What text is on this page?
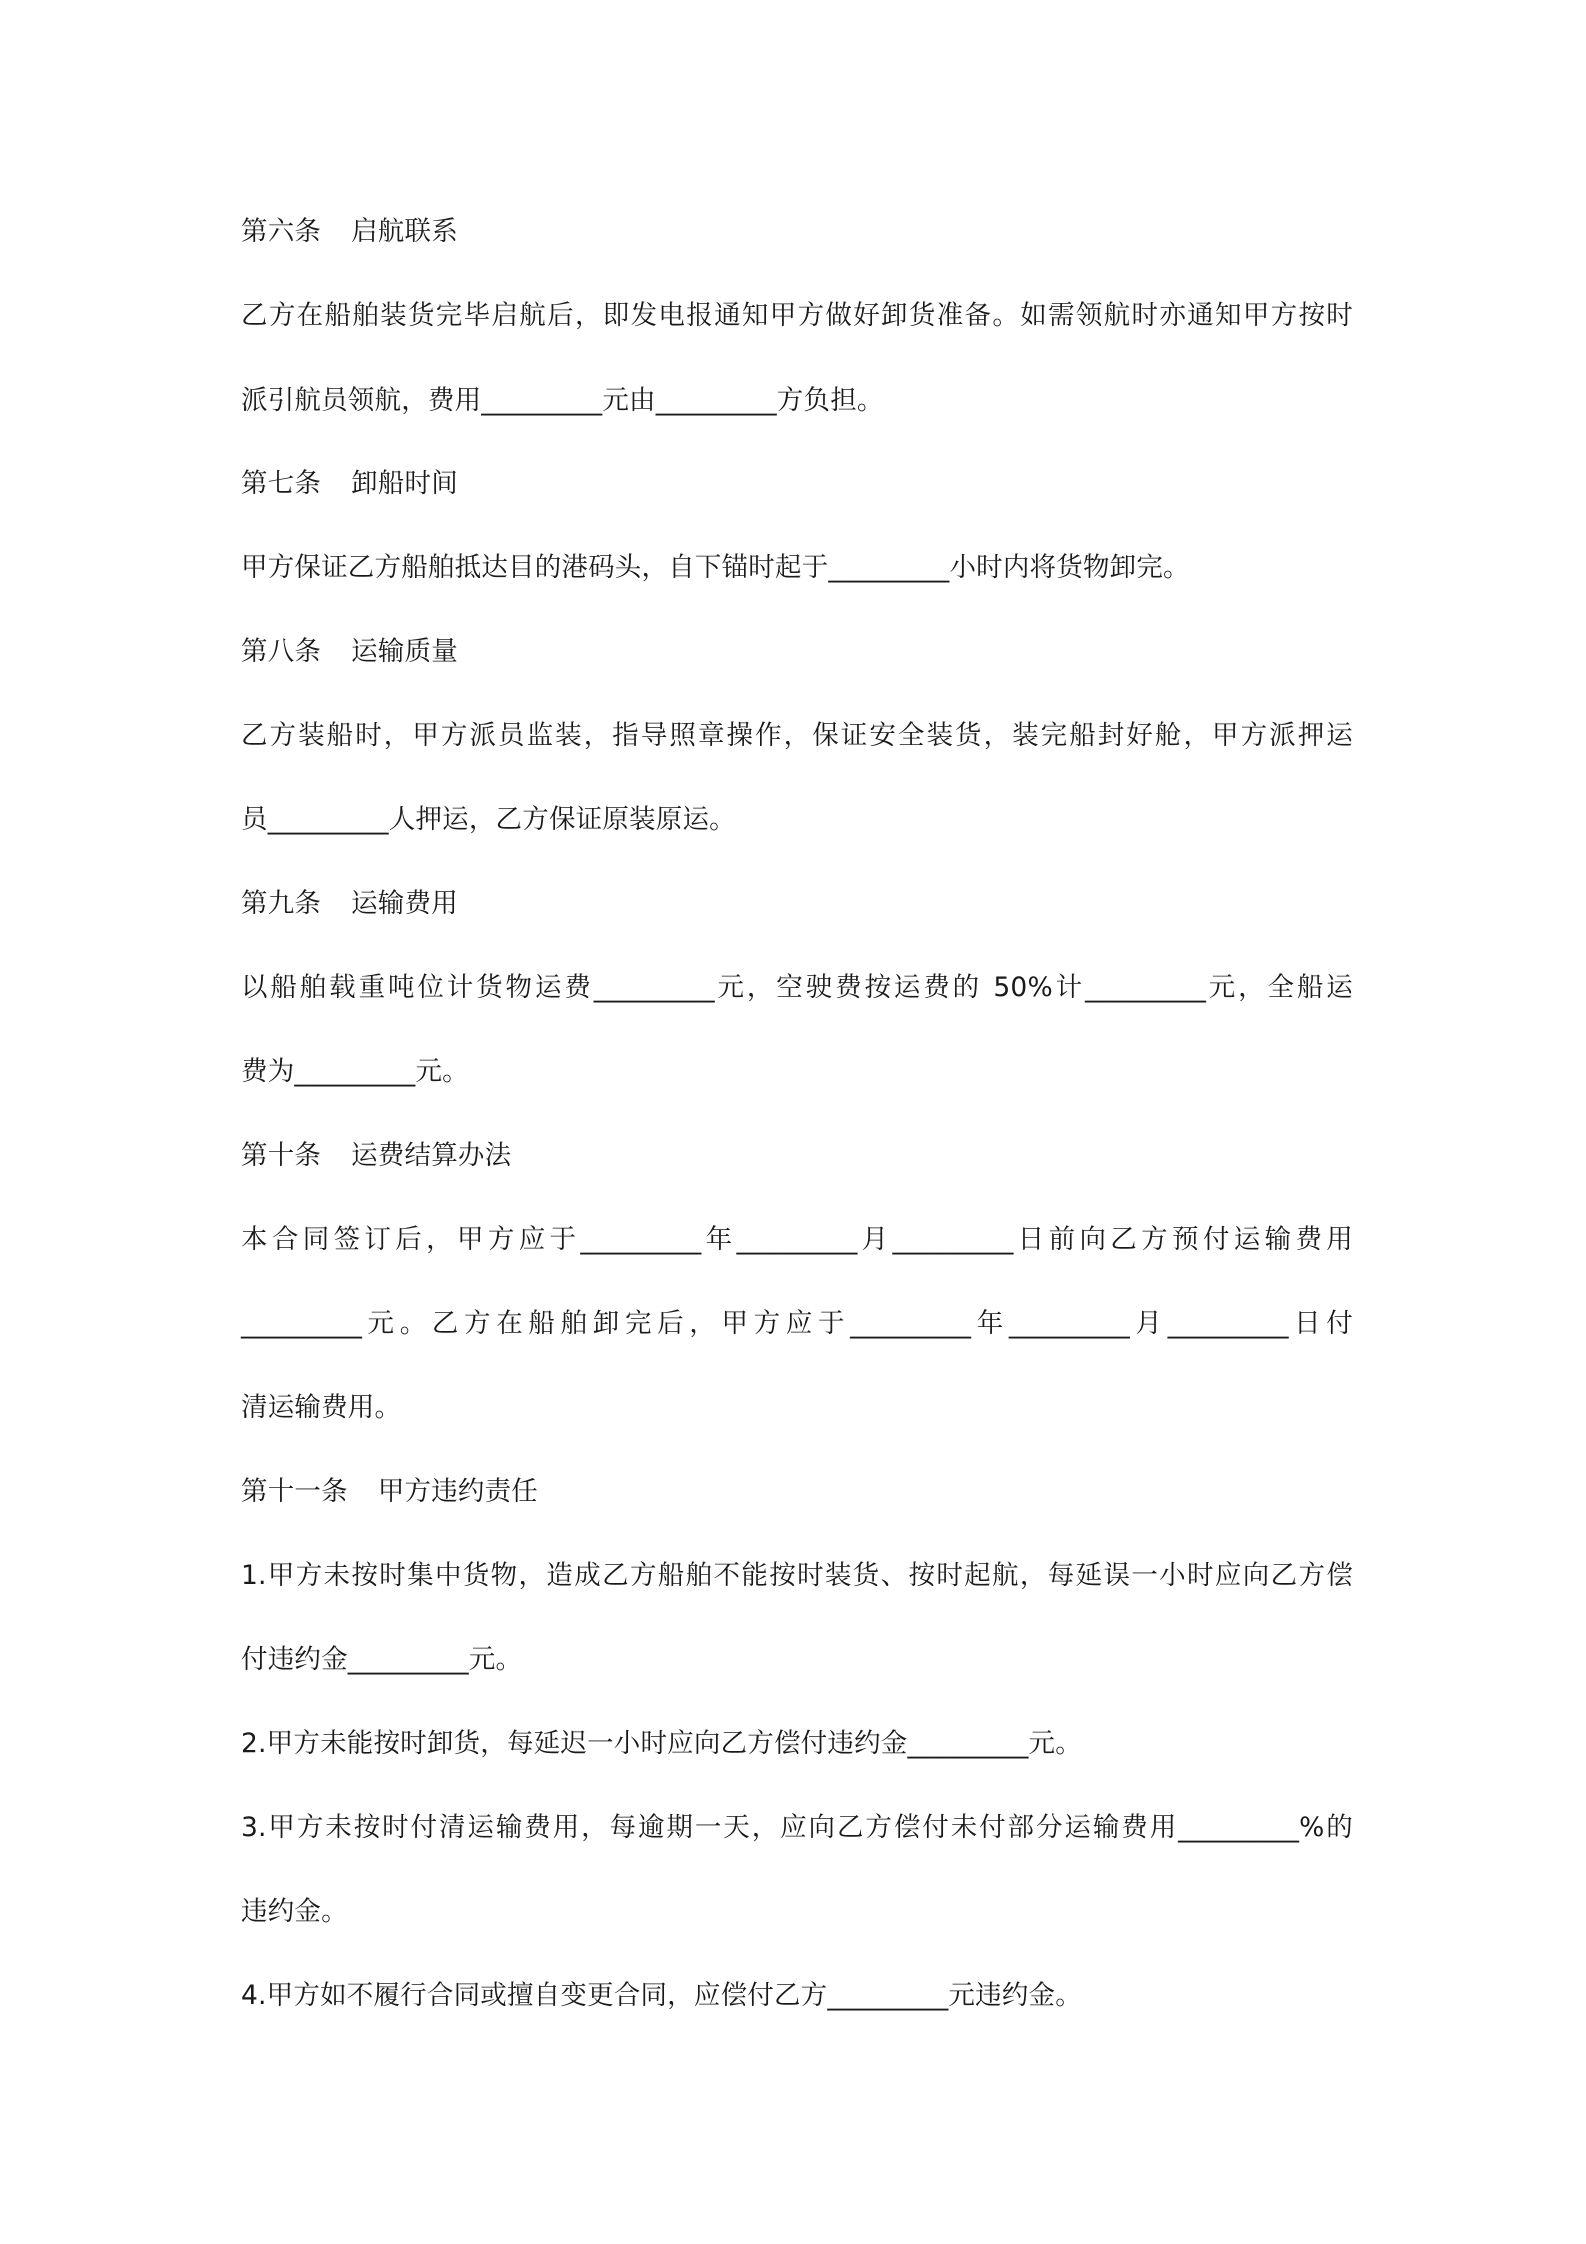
第六条 启航联系
乙方在船舶装货完毕启航后，即发电报通知甲方做好卸货准备。如需领航时亦通知甲方按时
派引航员领航，费用_________元由_________方负担。
第七条 卸船时间
甲方保证乙方船舶抵达目的港码头，自下锚时起于_________小时内将货物卸完。
第八条 运输质量
乙方装船时，甲方派员监装，指导照章操作，保证安全装货，装完船封好舱，甲方派押运
员_________人押运，乙方保证原装原运。
第九条 运输费用
以船舶载重吨位计货物运费_________元，空驶费按运费的 50%计_________元，全船运
费为_________元。
第十条 运费结算办法
本合同签订后，甲方应于_________年_________月_________日前向乙方预付运输费用
_________元。乙方在船舶卸完后，甲方应于_________年_________月_________日付
清运输费用。
第十一条 甲方违约责任
1.甲方未按时集中货物，造成乙方船舶不能按时装货、按时起航，每延误一小时应向乙方偿
付违约金_________元。
2.甲方未能按时卸货，每延迟一小时应向乙方偿付违约金_________元。
3.甲方未按时付清运输费用，每逾期一天，应向乙方偿付未付部分运输费用_________%的
违约金。
4.甲方如不履行合同或擅自变更合同，应偿付乙方_________元违约金。
